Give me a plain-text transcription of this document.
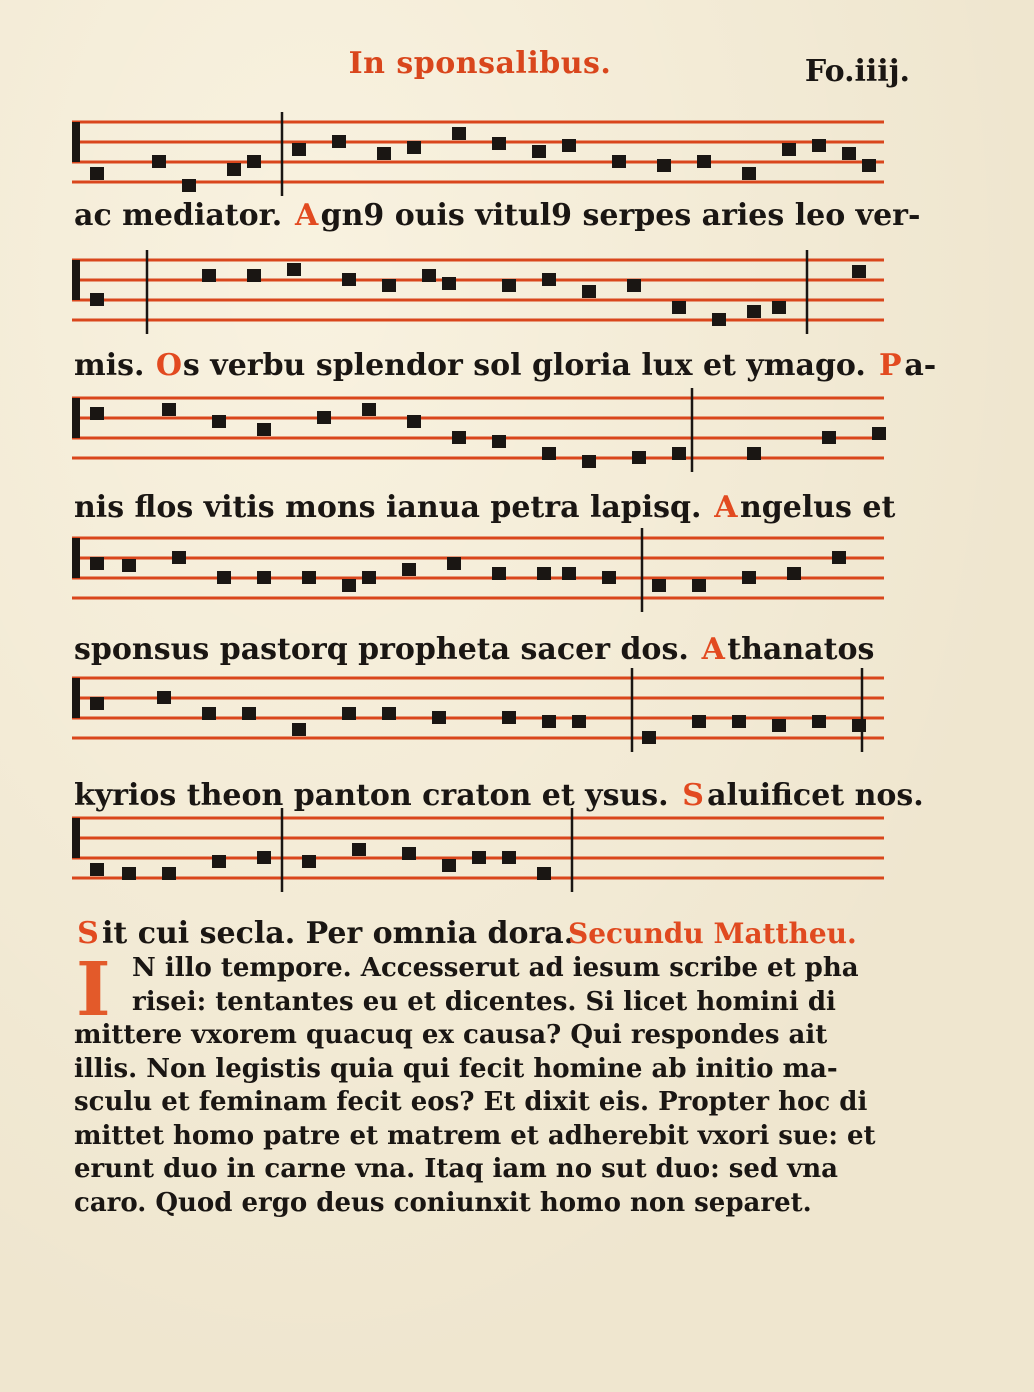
In sponsalibus.	Fo.iiij.
ac mediator. Agn9 ouis vitul9 serpes aries leo ver-
mis. Os verbu splendor sol gloria lux et ymago. Pa-
nis flos vitis mons ianua petra lapisq. Angelus et
sponsus pastorq propheta sacer dos. Athanatos
kyrios theon panton craton et ysus. S aluificet nos.
S it cui secla. Per omnia dora.
Secundu Mattheu.
I N illo tempore. Accesserut ad iesum scribe et pha
risei: tentantes eu et dicentes. Si licet homini di
mittere vxorem quacuq ex causa? Qui respondes ait
illis. Non legistis quia qui fecit homine ab initio ma-
sculu et feminam fecit eos? Et dixit eis. Propter hoc di
mittet homo patre et matrem et adherebit vxori sue: et
erunt duo in carne vna. Itaq iam no sut duo: sed vna
caro. Quod ergo deus coniunxit homo non separet.
